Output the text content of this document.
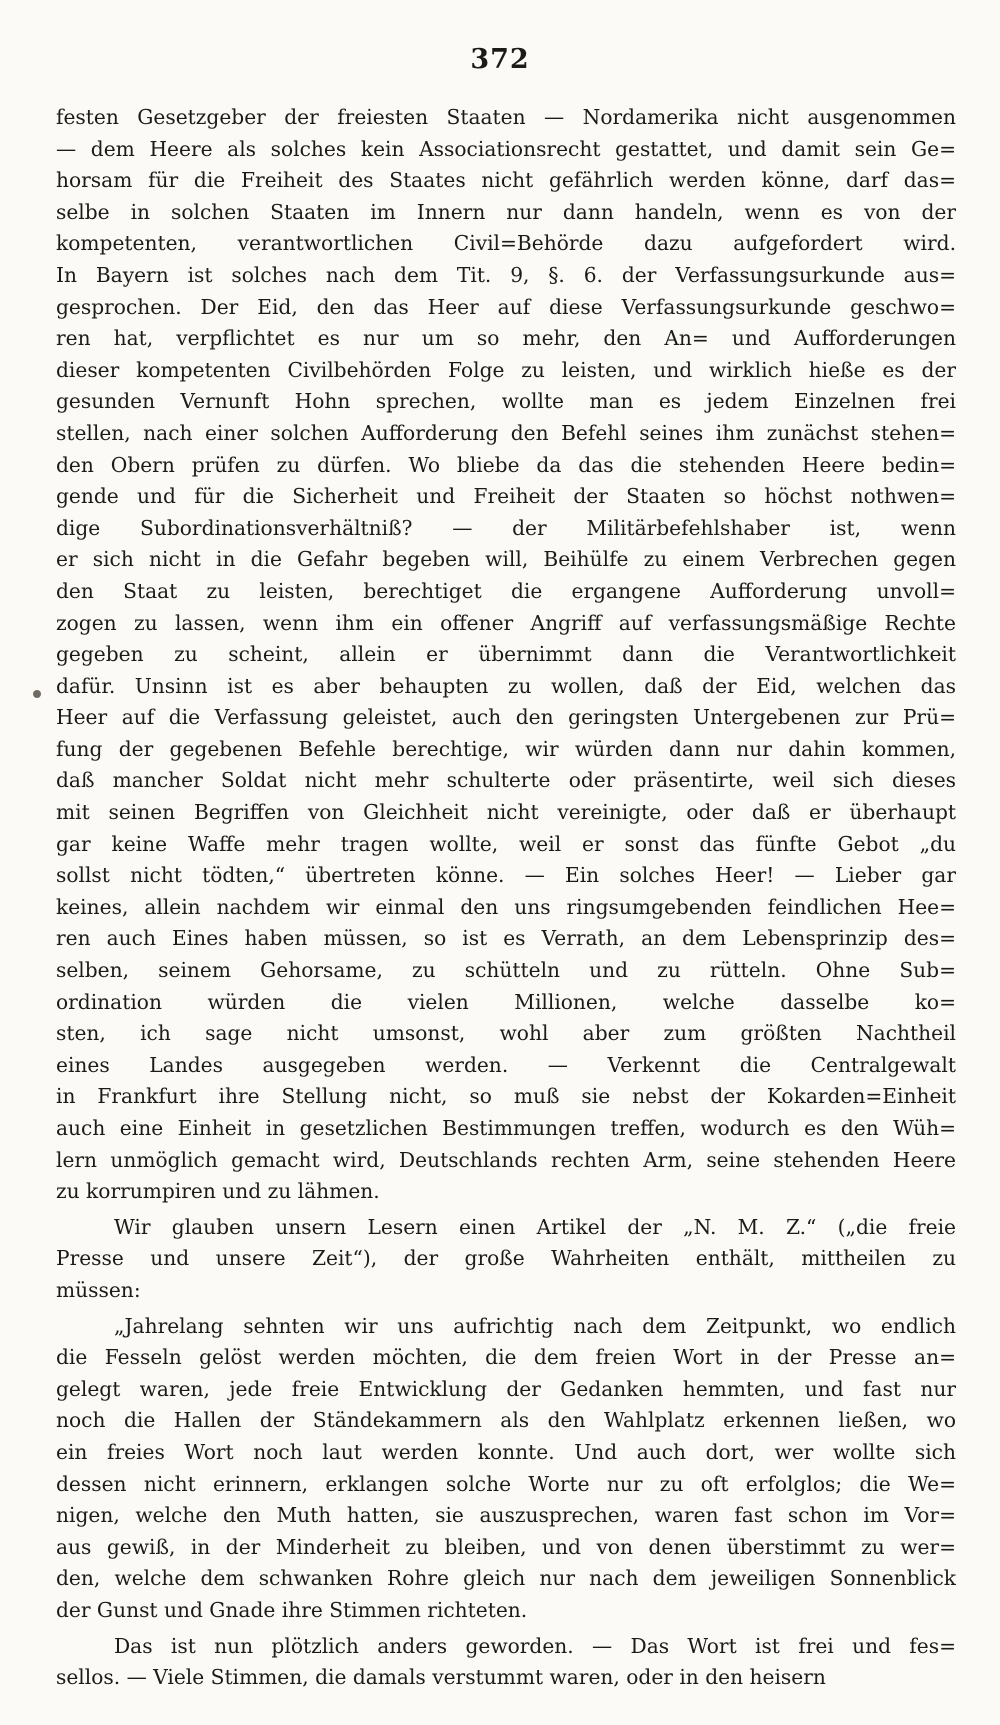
372
festen Gesetzgeber der freiesten Staaten — Nordamerika nicht ausgenommen
— dem Heere als solches kein Associationsrecht gestattet, und damit sein Ge=
horsam für die Freiheit des Staates nicht gefährlich werden könne, darf das=
selbe in solchen Staaten im Innern nur dann handeln, wenn es von der
kompetenten, verantwortlichen Civil=Behörde dazu aufgefordert wird.
In Bayern ist solches nach dem Tit. 9, §. 6. der Verfassungsurkunde aus=
gesprochen. Der Eid, den das Heer auf diese Verfassungsurkunde geschwo=
ren hat, verpflichtet es nur um so mehr, den An= und Aufforderungen
dieser kompetenten Civilbehörden Folge zu leisten, und wirklich hieße es der
gesunden Vernunft Hohn sprechen, wollte man es jedem Einzelnen frei
stellen, nach einer solchen Aufforderung den Befehl seines ihm zunächst stehen=
den Obern prüfen zu dürfen. Wo bliebe da das die stehenden Heere bedin=
gende und für die Sicherheit und Freiheit der Staaten so höchst nothwen=
dige Subordinationsverhältniß? — der Militärbefehlshaber ist, wenn
er sich nicht in die Gefahr begeben will, Beihülfe zu einem Verbrechen gegen
den Staat zu leisten, berechtiget die ergangene Aufforderung unvoll=
zogen zu lassen, wenn ihm ein offener Angriff auf verfassungsmäßige Rechte
gegeben zu scheint, allein er übernimmt dann die Verantwortlichkeit
dafür. Unsinn ist es aber behaupten zu wollen, daß der Eid, welchen das
Heer auf die Verfassung geleistet, auch den geringsten Untergebenen zur Prü=
fung der gegebenen Befehle berechtige, wir würden dann nur dahin kommen,
daß mancher Soldat nicht mehr schulterte oder präsentirte, weil sich dieses
mit seinen Begriffen von Gleichheit nicht vereinigte, oder daß er überhaupt
gar keine Waffe mehr tragen wollte, weil er sonst das fünfte Gebot „du
sollst nicht tödten,“ übertreten könne. — Ein solches Heer! — Lieber gar
keines, allein nachdem wir einmal den uns ringsumgebenden feindlichen Hee=
ren auch Eines haben müssen, so ist es Verrath, an dem Lebensprinzip des=
selben, seinem Gehorsame, zu schütteln und zu rütteln. Ohne Sub=
ordination würden die vielen Millionen, welche dasselbe ko=
sten, ich sage nicht umsonst, wohl aber zum größten Nachtheil
eines Landes ausgegeben werden. — Verkennt die Centralgewalt
in Frankfurt ihre Stellung nicht, so muß sie nebst der Kokarden=Einheit
auch eine Einheit in gesetzlichen Bestimmungen treffen, wodurch es den Wüh=
lern unmöglich gemacht wird, Deutschlands rechten Arm, seine stehenden Heere
zu korrumpiren und zu lähmen.
Wir glauben unsern Lesern einen Artikel der „N. M. Z.“ („die freie
Presse und unsere Zeit“), der große Wahrheiten enthält, mittheilen zu
müssen:
„Jahrelang sehnten wir uns aufrichtig nach dem Zeitpunkt, wo endlich
die Fesseln gelöst werden möchten, die dem freien Wort in der Presse an=
gelegt waren, jede freie Entwicklung der Gedanken hemmten, und fast nur
noch die Hallen der Ständekammern als den Wahlplatz erkennen ließen, wo
ein freies Wort noch laut werden konnte. Und auch dort, wer wollte sich
dessen nicht erinnern, erklangen solche Worte nur zu oft erfolglos; die We=
nigen, welche den Muth hatten, sie auszusprechen, waren fast schon im Vor=
aus gewiß, in der Minderheit zu bleiben, und von denen überstimmt zu wer=
den, welche dem schwanken Rohre gleich nur nach dem jeweiligen Sonnenblick
der Gunst und Gnade ihre Stimmen richteten.
Das ist nun plötzlich anders geworden. — Das Wort ist frei und fes=
sellos. — Viele Stimmen, die damals verstummt waren, oder in den heisern
